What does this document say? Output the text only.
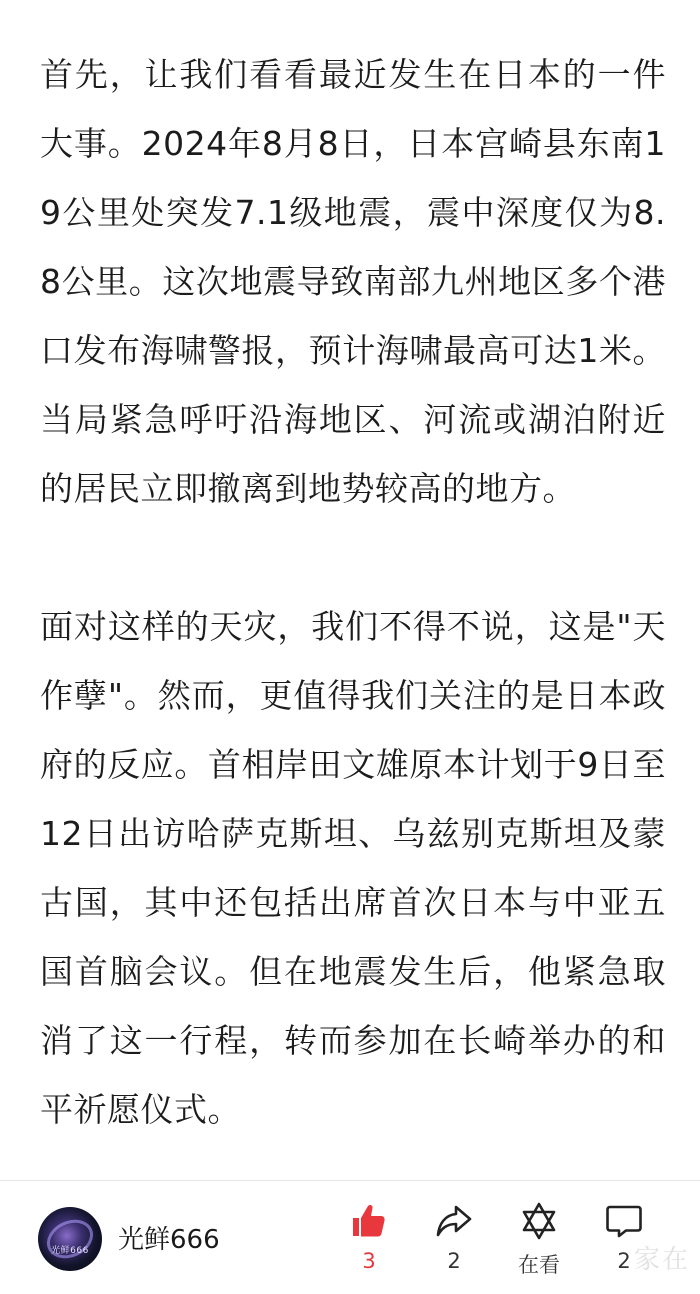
首先，让我们看看最近发生在日本的一件大事。2024年8月8日，日本宫崎县东南19公里处突发7.1级地震，震中深度仅为8.8公里。这次地震导致南部九州地区多个港口发布海啸警报，预计海啸最高可达1米。当局紧急呼吁沿海地区、河流或湖泊附近的居民立即撤离到地势较高的地方。

面对这样的天灾，我们不得不说，这是"天作孽"。然而，更值得我们关注的是日本政府的反应。首相岸田文雄原本计划于9日至12日出访哈萨克斯坦、乌兹别克斯坦及蒙古国，其中还包括出席首次日本与中亚五国首脑会议。但在地震发生后，他紧急取消了这一行程，转而参加在长崎举办的和平祈愿仪式。

光鲜666	光鲜666
3	2	在看	2 家在
